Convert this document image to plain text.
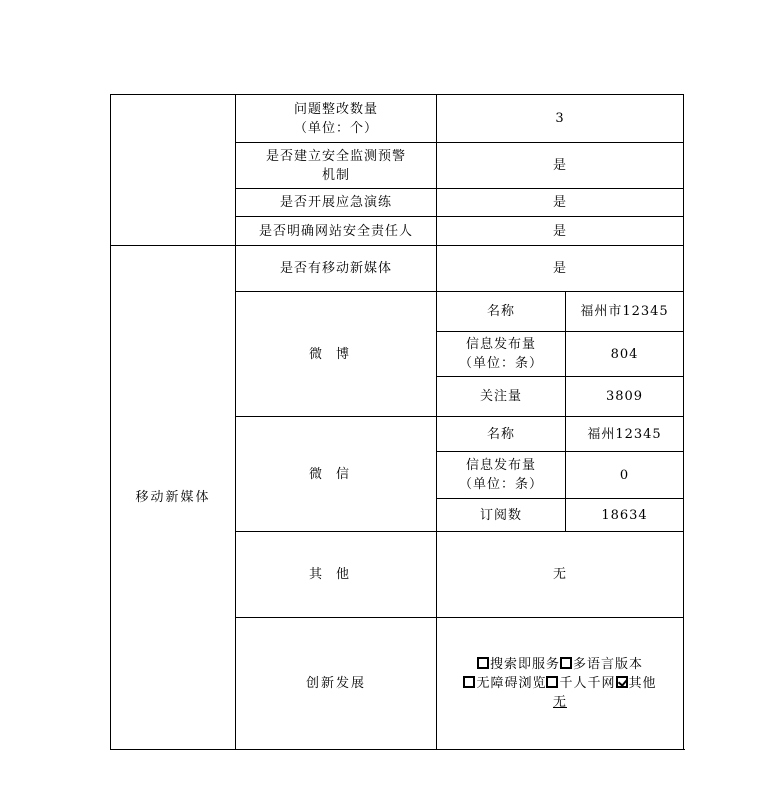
	问题整改数量
（单位：个）	3	

	是否建立安全监测预警
机制	是	
	是否开展应急演练	是	
	是否明确网站安全责任人	是	
移动新媒体	是否有移动新媒体	是	
	微博	名称	福州市12345

		信息发布量
（单位：条）	804
		关注量	3809
	微信	名称	福州12345

		信息发布量
（单位：条）	0
		订阅数	18634
	其他	无	
	创新发展	搜索即服务 多语言版本无障碍浏览 千人千网 其他
无	
